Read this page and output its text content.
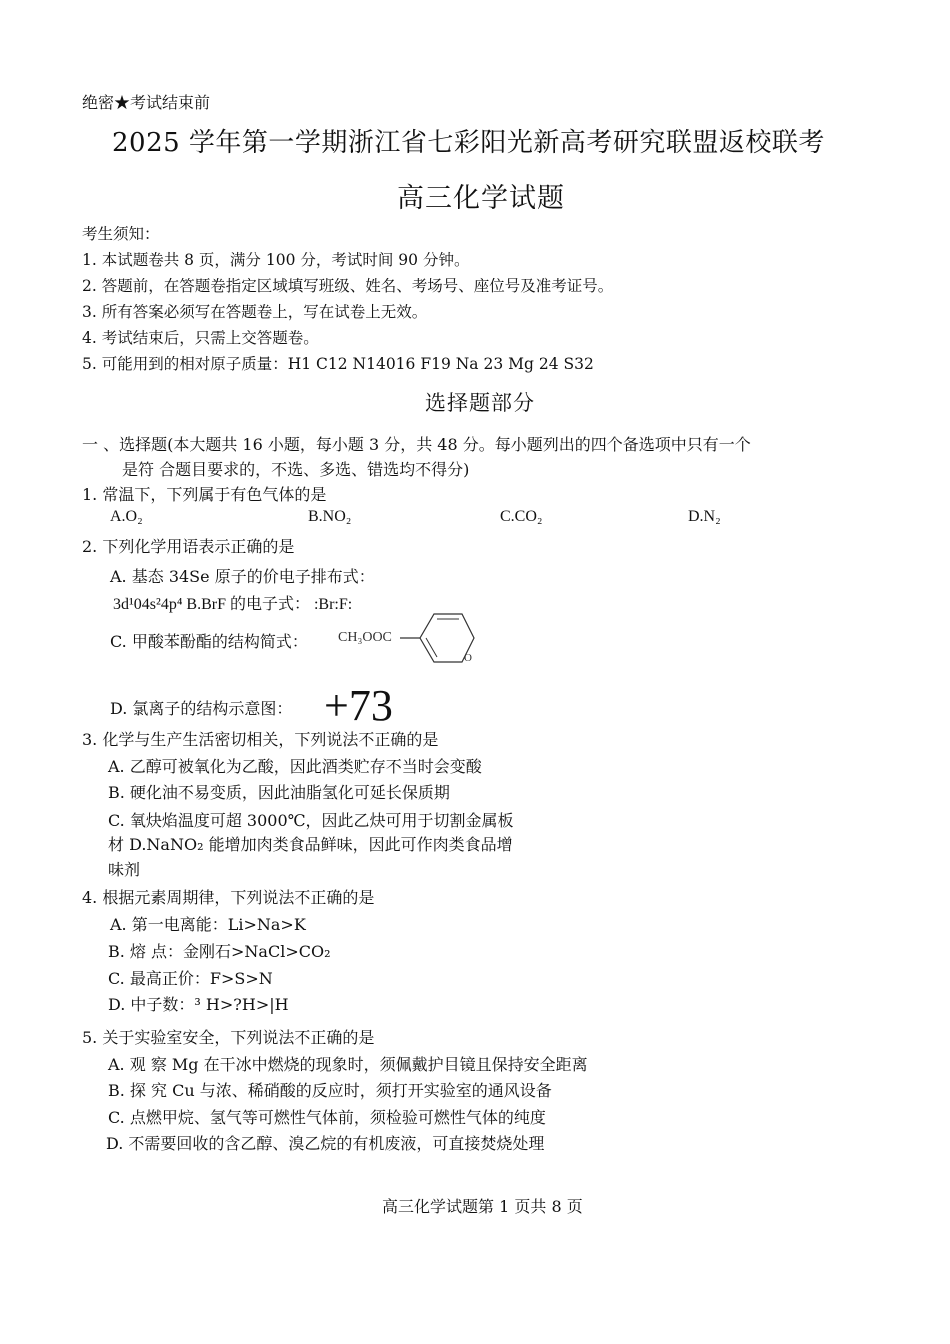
绝密★考试结束前
2025 学年第一学期浙江省七彩阳光新高考研究联盟返校联考
高三化学试题
考生须知：
1. 本试题卷共 8 页，满分 100 分，考试时间 90 分钟。
2. 答题前，在答题卷指定区域填写班级、姓名、考场号、座位号及准考证号。
3. 所有答案必须写在答题卷上，写在试卷上无效。
4. 考试结束后，只需上交答题卷。
5. 可能用到的相对原子质量：H1 C12 N14016 F19 Na 23 Mg 24 S32
选择题部分
一 、选择题(本大题共 16 小题，每小题 3 分，共 48 分。每小题列出的四个备选项中只有一个
是符 合题目要求的，不选、多选、错选均不得分)
1. 常温下，下列属于有色气体的是
A.O₂	B.NO₂	C.CO₂	D.N₂
2. 下列化学用语表示正确的是
A. 基态 34Se 原子的价电子排布式：
3d¹04s²4p⁴ B.BrF 的电子式： :Br:F:
C. 甲酸苯酚酯的结构简式： CH₃OOC
O
D. 氯离子的结构示意图： +73
3. 化学与生产生活密切相关，下列说法不正确的是
A. 乙醇可被氧化为乙酸，因此酒类贮存不当时会变酸
B. 硬化油不易变质，因此油脂氢化可延长保质期
C. 氧炔焰温度可超 3000℃，因此乙炔可用于切割金属板
材 D.NaNO₂ 能增加肉类食品鲜味，因此可作肉类食品增
味剂
4. 根据元素周期律，下列说法不正确的是
A. 第一电离能：Li>Na>K
B. 熔 点：金刚石>NaCl>CO₂
C. 最高正价：F>S>N
D. 中子数：³ H>?H>|H
5. 关于实验室安全，下列说法不正确的是
A. 观 察 Mg 在干冰中燃烧的现象时，须佩戴护目镜且保持安全距离
B. 探 究 Cu 与浓、稀硝酸的反应时，须打开实验室的通风设备
C. 点燃甲烷、氢气等可燃性气体前，须检验可燃性气体的纯度
D. 不需要回收的含乙醇、溴乙烷的有机废液，可直接焚烧处理
高三化学试题第 1 页共 8 页
